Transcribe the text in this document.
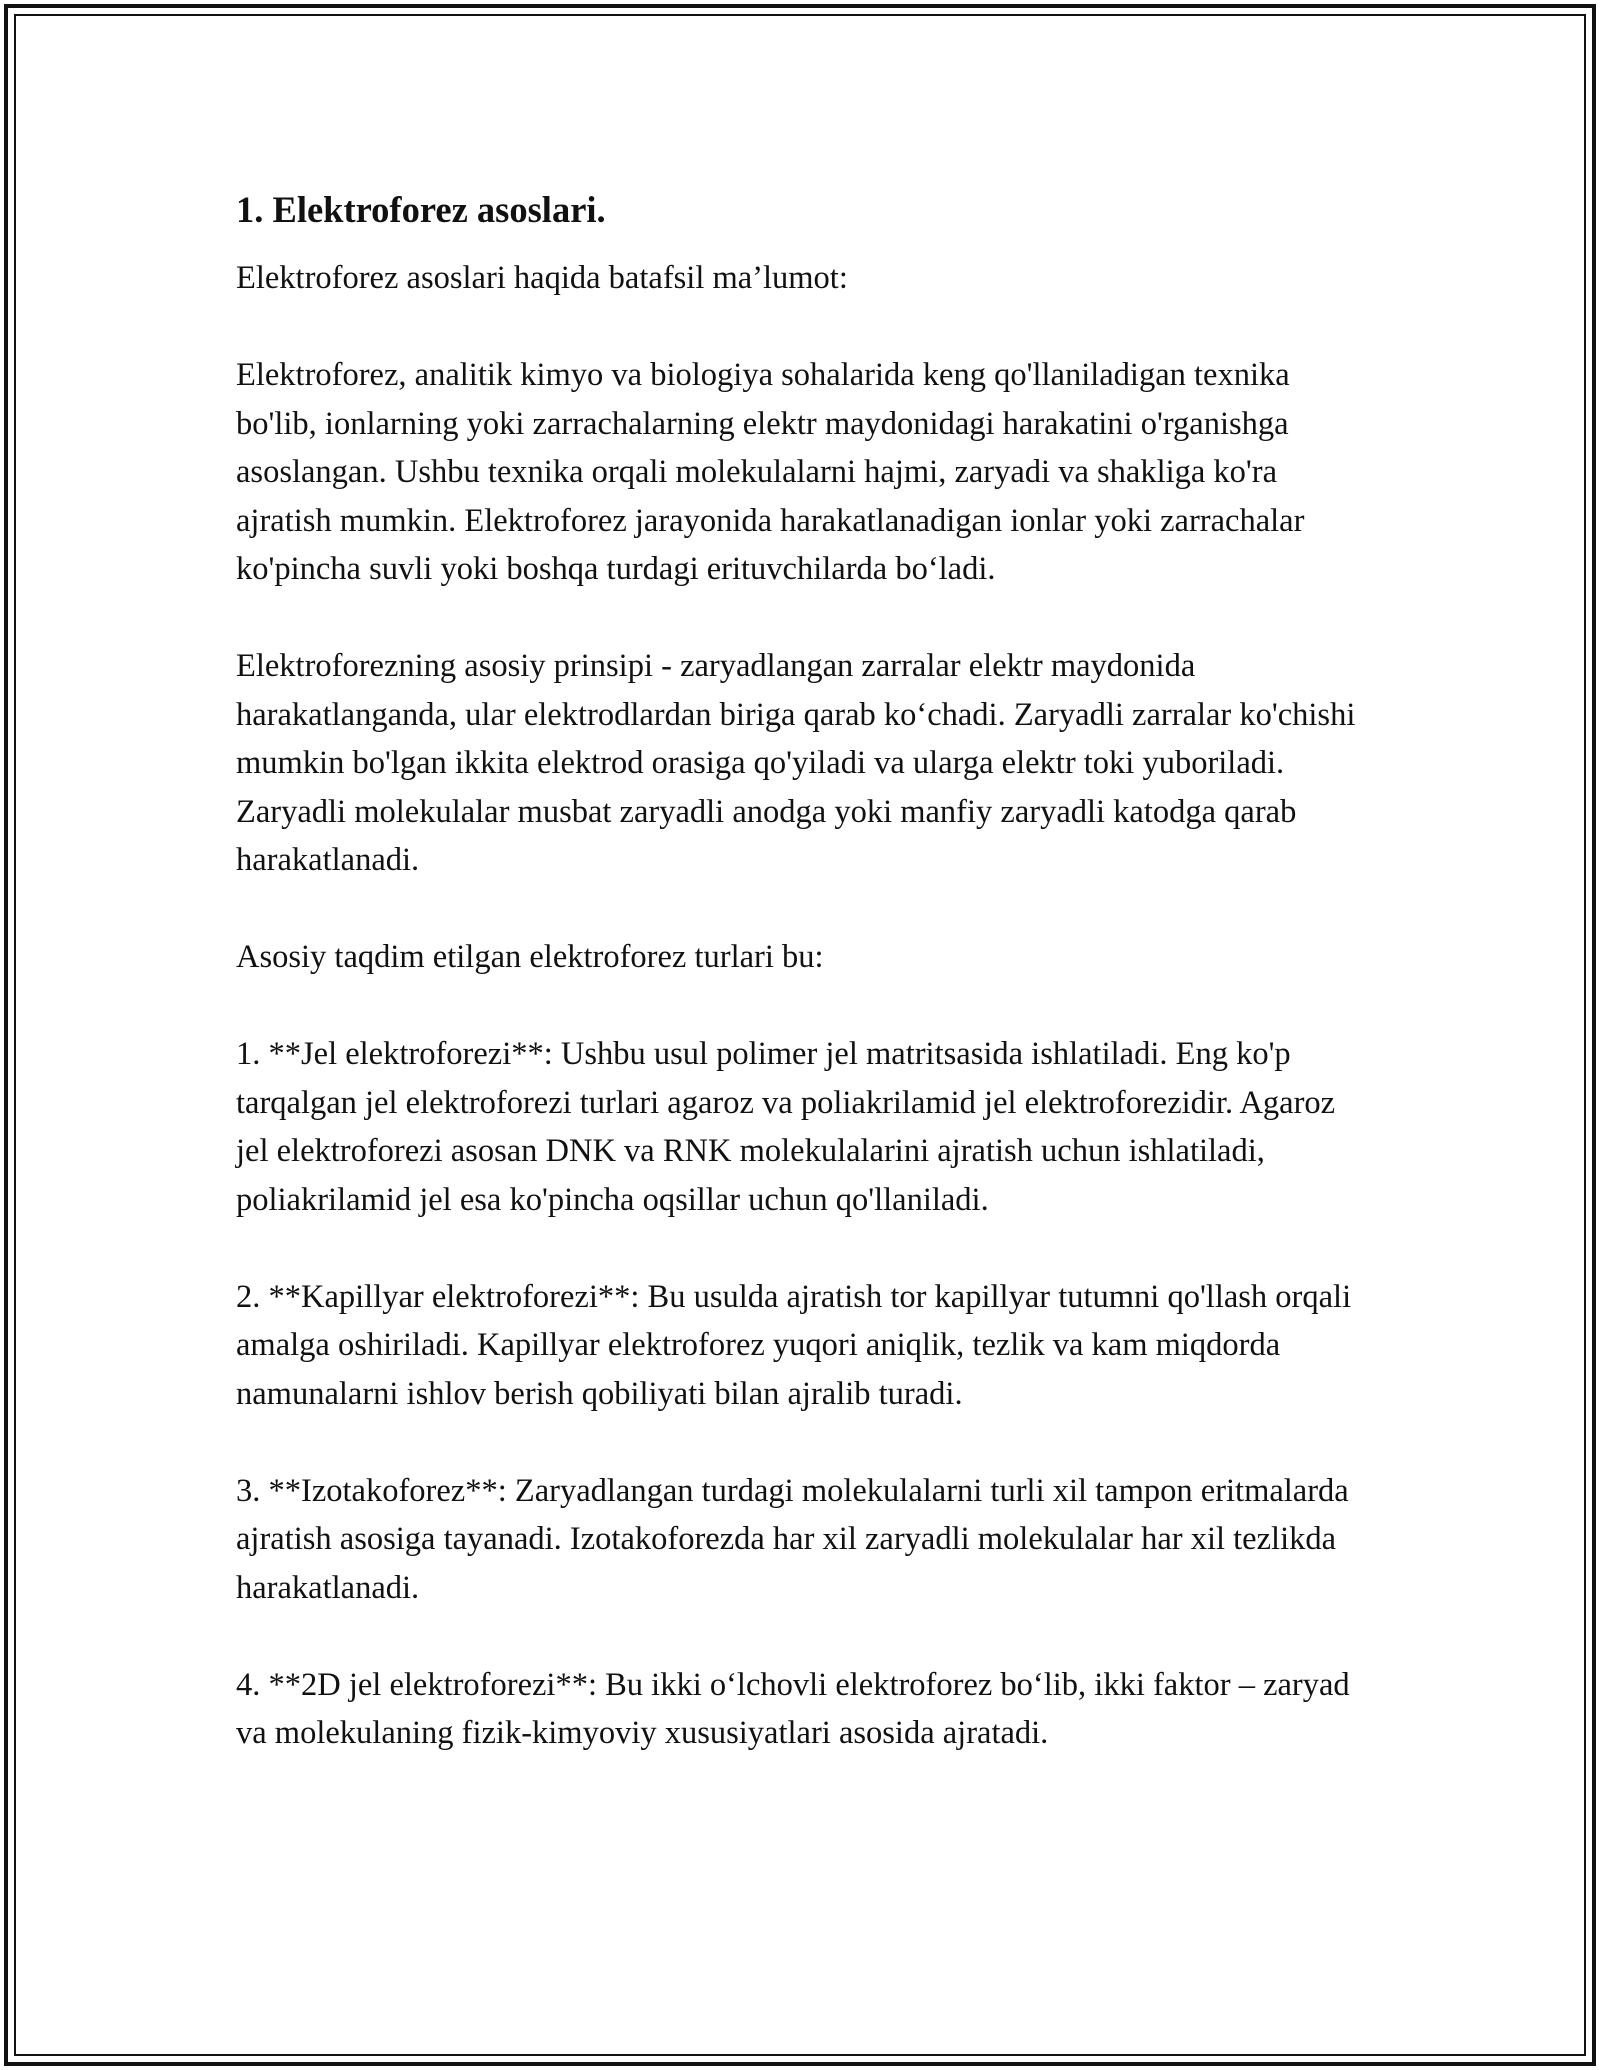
1. Elektroforez asoslari.

Elektroforez asoslari haqida batafsil ma’lumot:

Elektroforez, analitik kimyo va biologiya sohalarida keng qo'llaniladigan texnika bo'lib, ionlarning yoki zarrachalarning elektr maydonidagi harakatini o'rganishga asoslangan. Ushbu texnika orqali molekulalarni hajmi, zaryadi va shakliga ko'ra ajratish mumkin. Elektroforez jarayonida harakatlanadigan ionlar yoki zarrachalar ko'pincha suvli yoki boshqa turdagi erituvchilarda bo‘ladi.

Elektroforezning asosiy prinsipi - zaryadlangan zarralar elektr maydonida harakatlanganda, ular elektrodlardan biriga qarab ko‘chadi. Zaryadli zarralar ko'chishi mumkin bo'lgan ikkita elektrod orasiga qo'yiladi va ularga elektr toki yuboriladi. Zaryadli molekulalar musbat zaryadli anodga yoki manfiy zaryadli katodga qarab harakatlanadi.

Asosiy taqdim etilgan elektroforez turlari bu:

1. **Jel elektroforezi**: Ushbu usul polimer jel matritsasida ishlatiladi. Eng ko'p tarqalgan jel elektroforezi turlari agaroz va poliakrilamid jel elektroforezidir. Agaroz jel elektroforezi asosan DNK va RNK molekulalarini ajratish uchun ishlatiladi, poliakrilamid jel esa ko'pincha oqsillar uchun qo'llaniladi.

2. **Kapillyar elektroforezi**: Bu usulda ajratish tor kapillyar tutumni qo'llash orqali amalga oshiriladi. Kapillyar elektroforez yuqori aniqlik, tezlik va kam miqdorda namunalarni ishlov berish qobiliyati bilan ajralib turadi.

3. **Izotakoforez**: Zaryadlangan turdagi molekulalarni turli xil tampon eritmalarda ajratish asosiga tayanadi. Izotakoforezda har xil zaryadli molekulalar har xil tezlikda harakatlanadi.

4. **2D jel elektroforezi**: Bu ikki o‘lchovli elektroforez bo‘lib, ikki faktor – zaryad va molekulaning fizik-kimyoviy xususiyatlari asosida ajratadi.
